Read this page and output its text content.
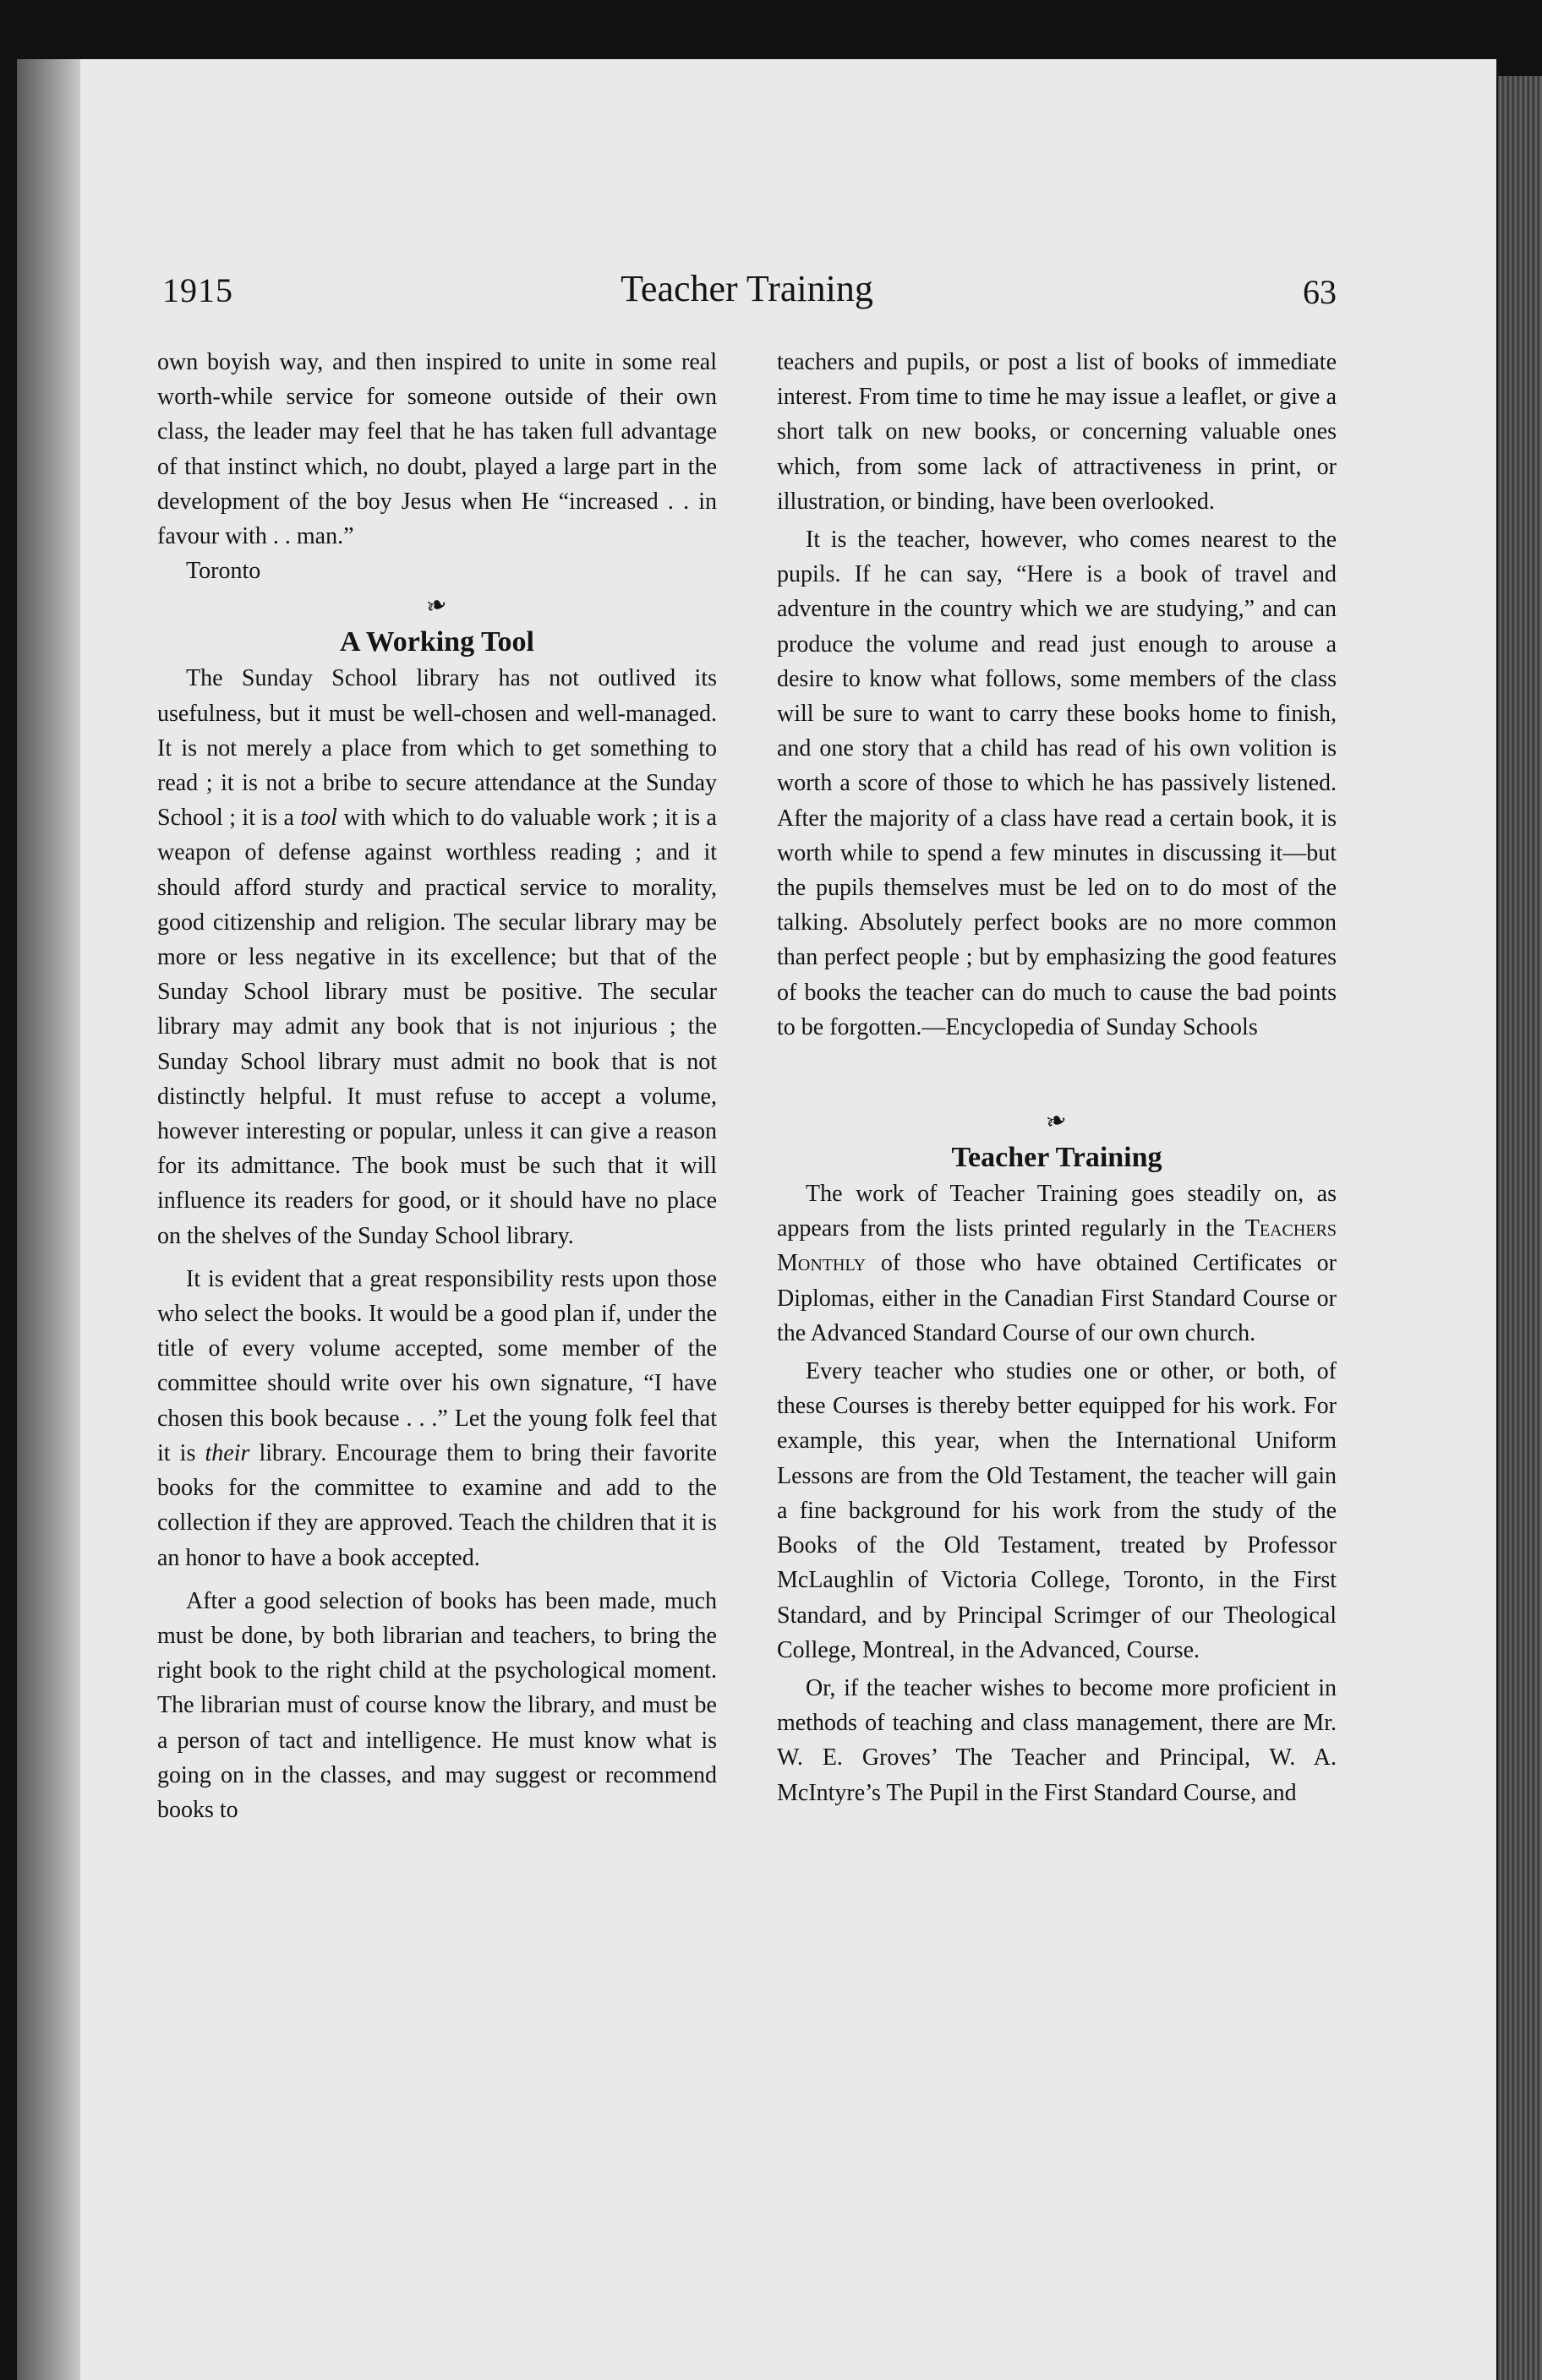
1915	Teacher Training	63

own boyish way, and then inspired to unite in some real worth-while service for someone outside of their own class, the leader may feel that he has taken full advantage of that instinct which, no doubt, played a large part in the development of the boy Jesus when He “increased . . in favour with . . man.”

Toronto

❧
A Working Tool

The Sunday School library has not outlived its usefulness, but it must be well-chosen and well-managed. It is not merely a place from which to get something to read ; it is not a bribe to secure attendance at the Sunday School ; it is a tool with which to do valuable work ; it is a weapon of defense against worthless reading ; and it should afford sturdy and practical service to morality, good citizenship and religion. The secular library may be more or less negative in its excellence; but that of the Sunday School library must be positive. The secular library may admit any book that is not injurious ; the Sunday School library must admit no book that is not distinctly helpful. It must refuse to accept a volume, however interesting or popular, unless it can give a reason for its admittance. The book must be such that it will influence its readers for good, or it should have no place on the shelves of the Sunday School library.

It is evident that a great responsibility rests upon those who select the books. It would be a good plan if, under the title of every volume accepted, some member of the committee should write over his own signature, “I have chosen this book because . . .” Let the young folk feel that it is their library. Encourage them to bring their favorite books for the committee to examine and add to the collection if they are approved. Teach the children that it is an honor to have a book accepted.

After a good selection of books has been made, much must be done, by both librarian and teachers, to bring the right book to the right child at the psychological moment. The librarian must of course know the library, and must be a person of tact and intelligence. He must know what is going on in the classes, and may suggest or recommend books to

teachers and pupils, or post a list of books of immediate interest. From time to time he may issue a leaflet, or give a short talk on new books, or concerning valuable ones which, from some lack of attractiveness in print, or illustration, or binding, have been overlooked.

It is the teacher, however, who comes nearest to the pupils. If he can say, “Here is a book of travel and adventure in the country which we are studying,” and can produce the volume and read just enough to arouse a desire to know what follows, some members of the class will be sure to want to carry these books home to finish, and one story that a child has read of his own volition is worth a score of those to which he has passively listened. After the majority of a class have read a certain book, it is worth while to spend a few minutes in discussing it—but the pupils themselves must be led on to do most of the talking. Absolutely perfect books are no more common than perfect people ; but by emphasizing the good features of books the teacher can do much to cause the bad points to be forgotten.—Encyclopedia of Sunday Schools

❧
Teacher Training

The work of Teacher Training goes steadily on, as appears from the lists printed regularly in the Teachers Monthly of those who have obtained Certificates or Diplomas, either in the Canadian First Standard Course or the Advanced Standard Course of our own church.

Every teacher who studies one or other, or both, of these Courses is thereby better equipped for his work. For example, this year, when the International Uniform Lessons are from the Old Testament, the teacher will gain a fine background for his work from the study of the Books of the Old Testament, treated by Professor McLaughlin of Victoria College, Toronto, in the First Standard, and by Principal Scrimger of our Theological College, Montreal, in the Advanced, Course.

Or, if the teacher wishes to become more proficient in methods of teaching and class management, there are Mr. W. E. Groves’ The Teacher and Principal, W. A. McIntyre’s The Pupil in the First Standard Course, and
